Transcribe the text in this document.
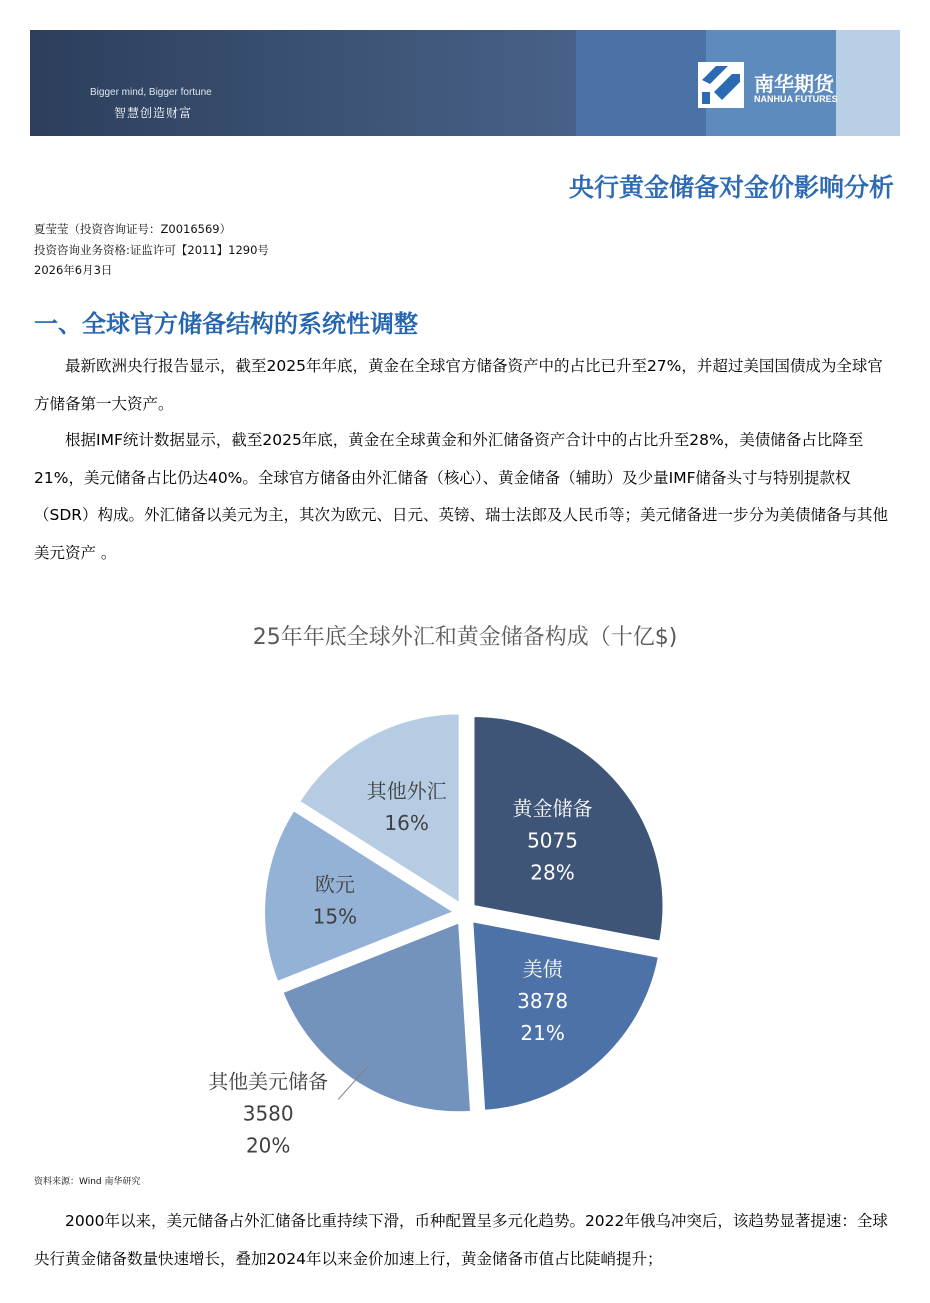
Bigger mind, Bigger fortune
智慧创造财富
南华期货
NANHUA FUTURES
央行黄金储备对金价影响分析
夏莹莹（投资咨询证号：Z0016569）
投资咨询业务资格:证监许可【2011】1290号
2026年6月3日
一、全球官方储备结构的系统性调整
最新欧洲央行报告显示，截至2025年年底，黄金在全球官方储备资产中的占比已升至27%，并超过美国国债成为全球官方储备第一大资产。
根据IMF统计数据显示，截至2025年底，黄金在全球黄金和外汇储备资产合计中的占比升至28%，美债储备占比降至21%，美元储备占比仍达40%。全球官方储备由外汇储备（核心）、黄金储备（辅助）及少量IMF储备头寸与特别提款权（SDR）构成。外汇储备以美元为主，其次为欧元、日元、英镑、瑞士法郎及人民币等；美元储备进一步分为美债储备与其他美元资产 。
25年年底全球外汇和黄金储备构成（十亿$)
黄金储备
5075
28%
美债
3878
21%
其他美元储备
3580
20%
欧元
15%
其他外汇
16%
资料来源：Wind 南华研究
2000年以来，美元储备占外汇储备比重持续下滑，币种配置呈多元化趋势。2022年俄乌冲突后，该趋势显著提速：全球央行黄金储备数量快速增长，叠加2024年以来金价加速上行，黄金储备市值占比陡峭提升；
